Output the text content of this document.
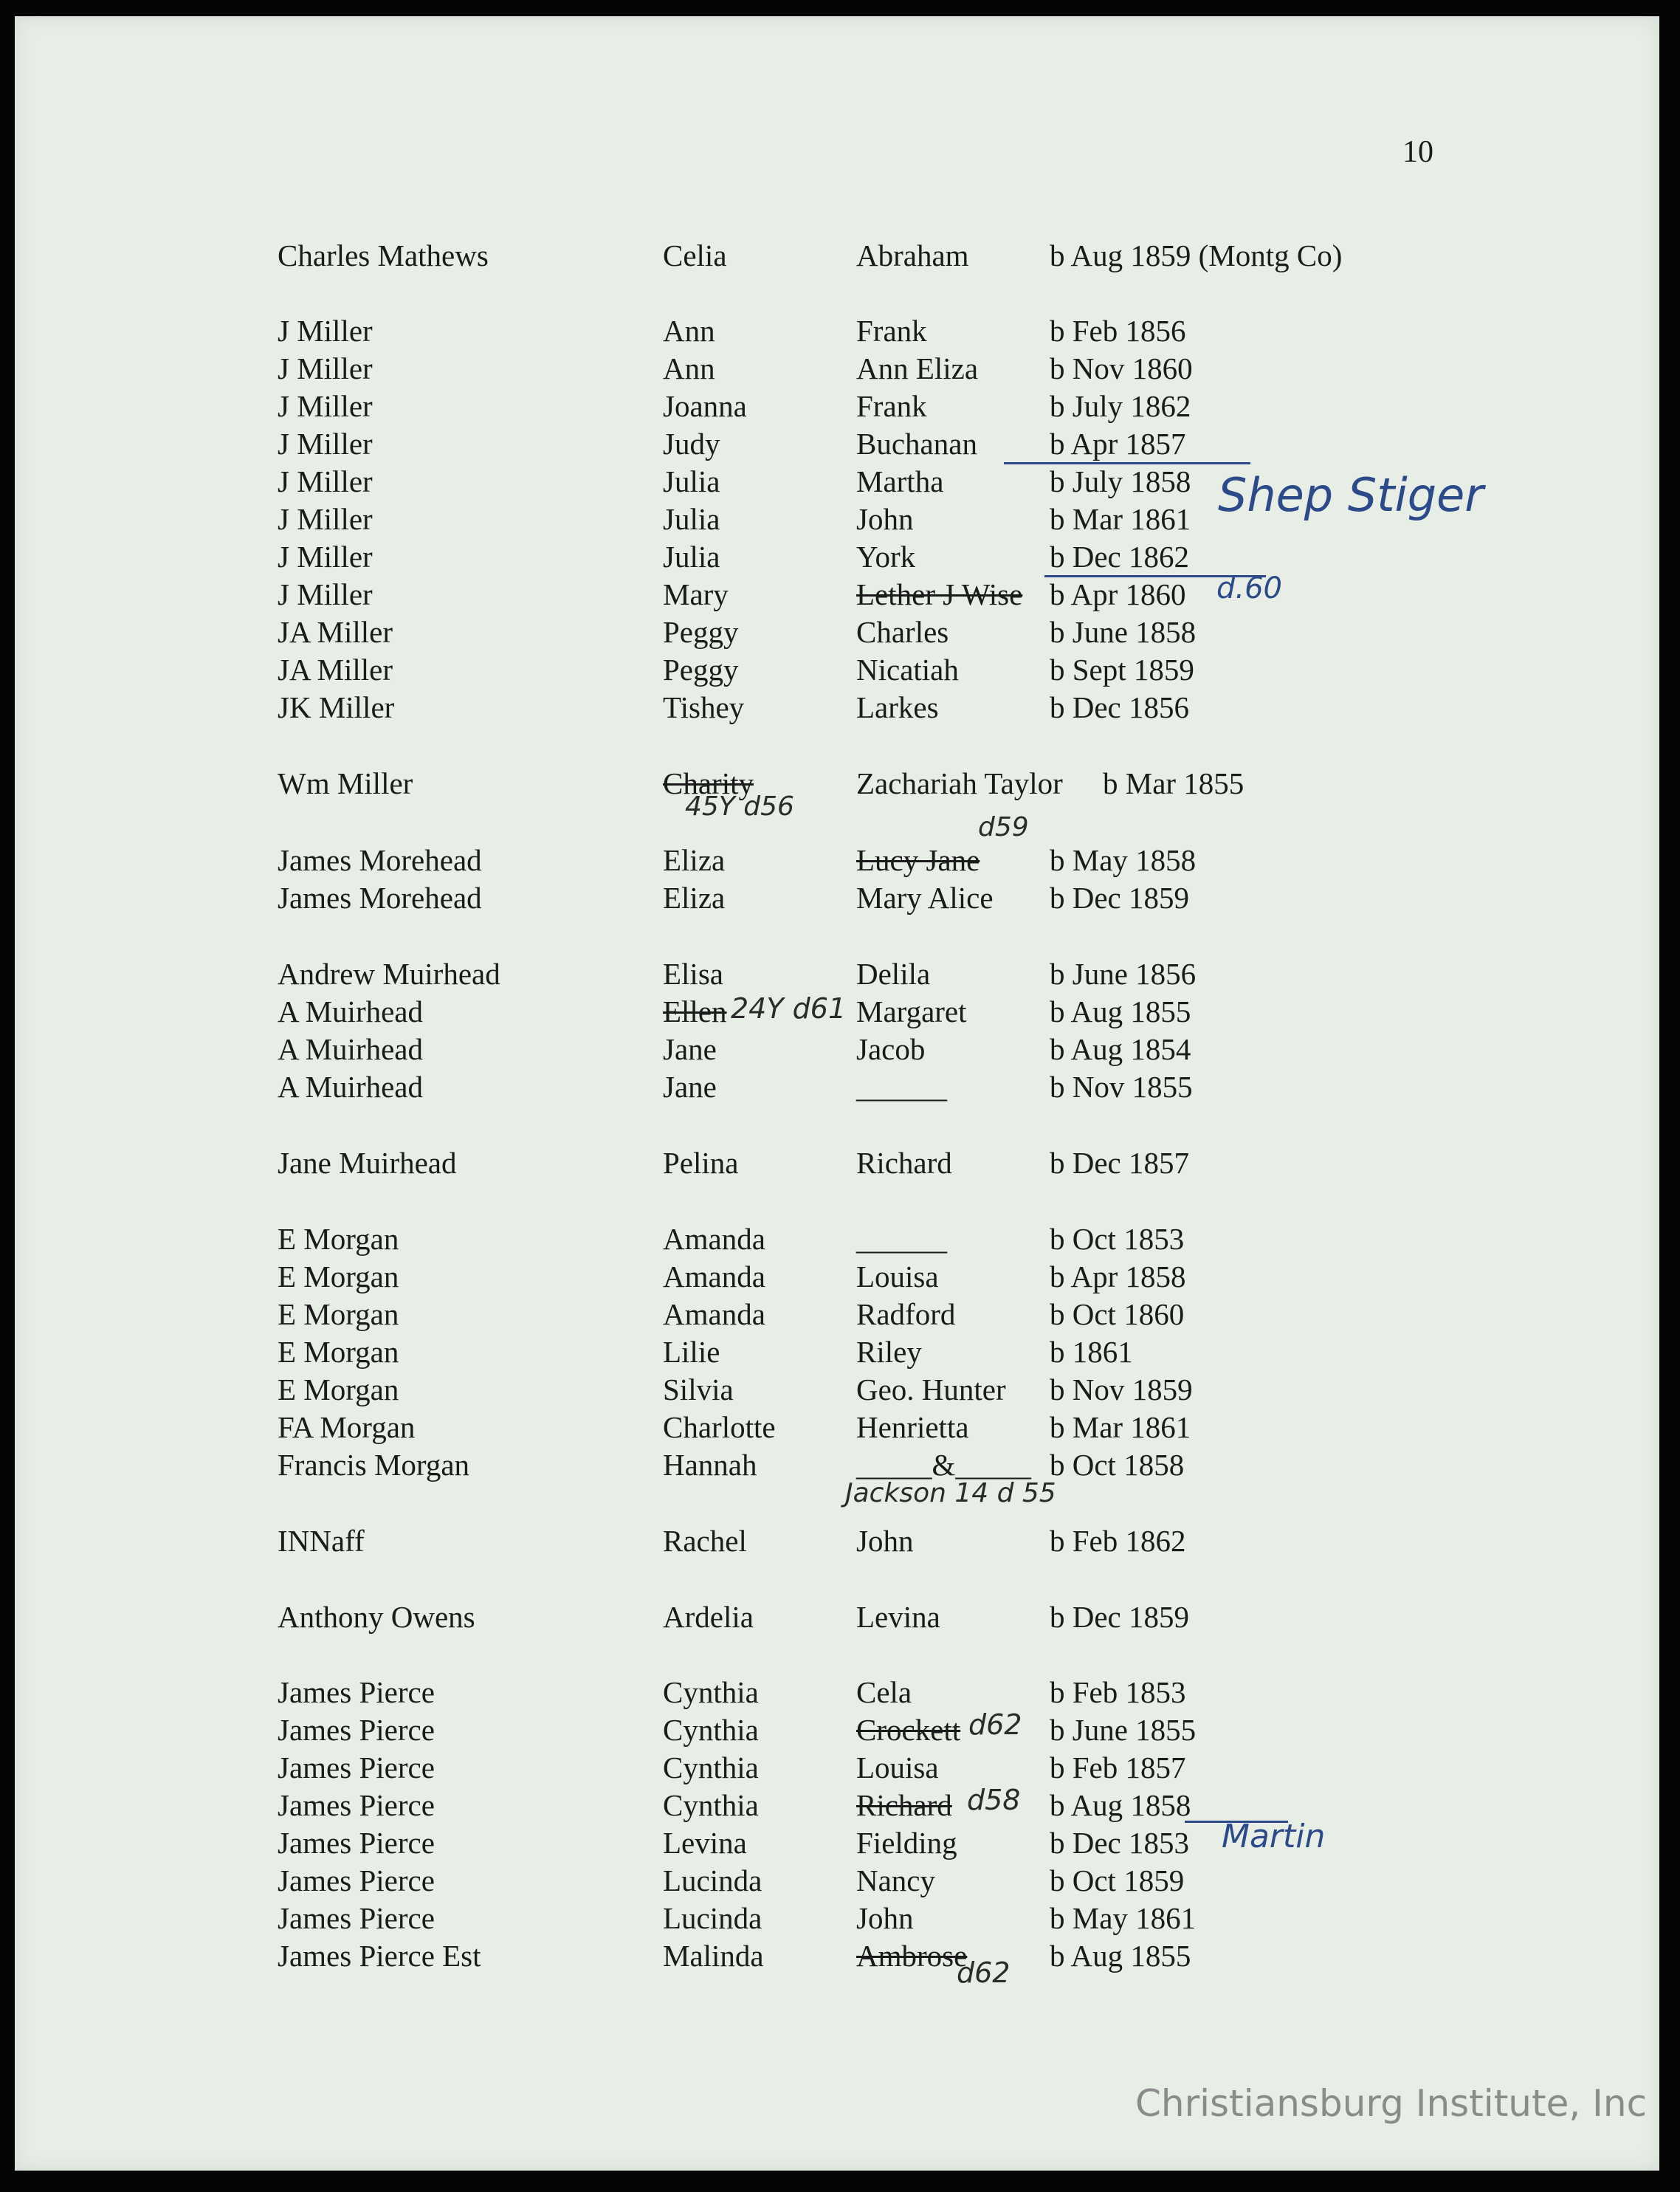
10
Charles Mathews	Celia	Abraham	b Aug 1859 (Montg Co)
J Miller	Ann	Frank	b Feb 1856
J Miller	Ann	Ann Eliza b Nov 1860
J Miller	Joanna	Frank	b July 1862
J Miller	Judy	Buchanan b Apr 1857
J Miller	Julia	Martha	b July 1858
J Miller	Julia	John	b Mar 1861
J Miller	Julia	York	b Dec 1862
J Miller	Mary	Lether J Wise b Apr 1860
JA Miller	Peggy	Charles	b June 1858
JA Miller	Peggy	Nicatiah	b Sept 1859
JK Miller	Tishey	Larkes	b Dec 1856
Wm Miller	Charity	Zachariah Taylor b Mar 1855
James Morehead	Eliza	Lucy Jane b May 1858
James Morehead	Eliza	Mary Alice b Dec 1859
Andrew Muirhead	Elisa	Delila	b June 1856
A Muirhead	Ellen	Margaret	b Aug 1855
A Muirhead	Jane	Jacob	b Aug 1854
A Muirhead	Jane	______	b Nov 1855
Jane Muirhead	Pelina	Richard	b Dec 1857
E Morgan	Amanda	______	b Oct 1853
E Morgan	Amanda	Louisa	b Apr 1858
E Morgan	Amanda	Radford	b Oct 1860
E Morgan	Lilie	Riley	b 1861
E Morgan	Silvia	Geo. Hunter b Nov 1859
FA Morgan	Charlotte	Henrietta	b Mar 1861
Francis Morgan	Hannah	_____&_____ b Oct 1858
INNaff	Rachel	John	b Feb 1862
Anthony Owens	Ardelia	Levina	b Dec 1859
James Pierce	Cynthia	Cela	b Feb 1853
James Pierce	Cynthia	Crockett	b June 1855
James Pierce	Cynthia	Louisa	b Feb 1857
James Pierce	Cynthia	Richard	b Aug 1858
James Pierce	Levina	Fielding	b Dec 1853
James Pierce	Lucinda	Nancy	b Oct 1859
James Pierce	Lucinda	John	b May 1861
James Pierce Est	Malinda	Ambrose	b Aug 1855
Shep Stiger
d.60
45Y d56
d59
24Y d61
Jackson 14 d 55
d62
d58
Martin
d62
Christiansburg Institute, Inc
